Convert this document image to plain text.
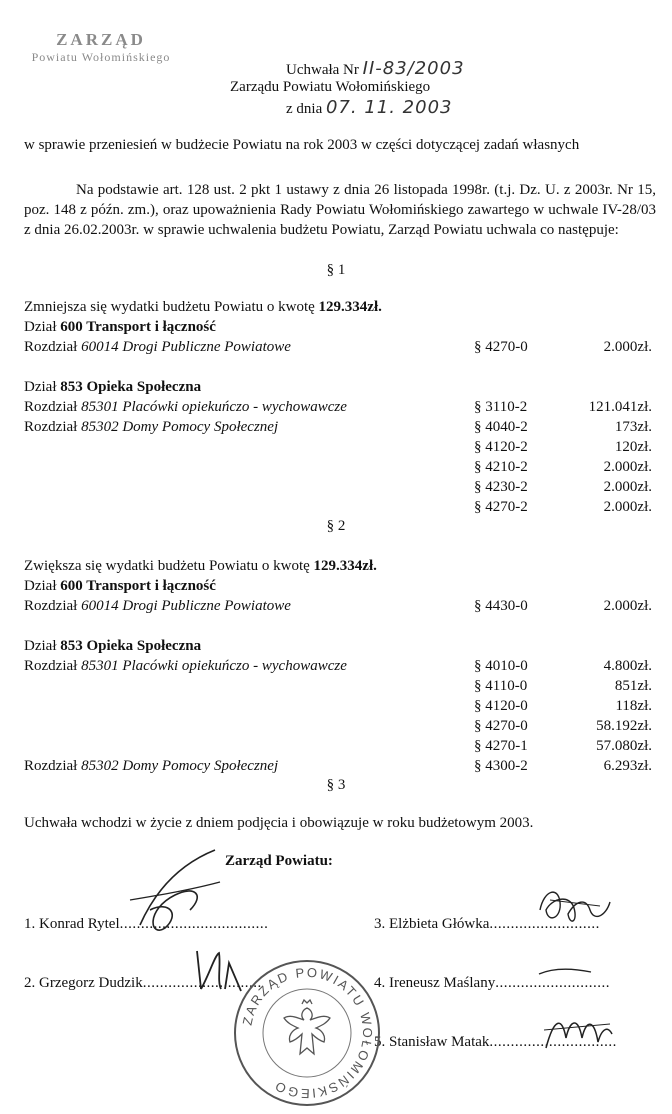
ZARZĄD
Powiatu Wołomińskiego
Uchwała Nr II-83/2003
Zarządu Powiatu Wołomińskiego
z dnia 07. 11. 2003
w sprawie przeniesień w budżecie Powiatu na rok 2003 w części dotyczącej zadań własnych
Na podstawie art. 128 ust. 2 pkt 1 ustawy z dnia 26 listopada 1998r. (t.j. Dz. U. z 2003r. Nr 15, poz. 148 z późn. zm.), oraz upoważnienia Rady Powiatu Wołomińskiego zawartego w uchwale IV-28/03 z dnia 26.02.2003r. w sprawie uchwalenia budżetu Powiatu, Zarząd Powiatu uchwala co następuje:
§ 1
Zmniejsza się wydatki budżetu Powiatu o kwotę 129.334zł.
Dział 600 Transport i łączność
Rozdział 60014 Drogi Publiczne Powiatowe	§ 4270-0	2.000zł.
Dział 853 Opieka Społeczna
Rozdział 85301 Placówki opiekuńczo - wychowawcze	§ 3110-2	121.041zł.
Rozdział 85302 Domy Pomocy Społecznej	§ 4040-2	173zł.
§ 4120-2	120zł.
§ 4210-2	2.000zł.
§ 4230-2	2.000zł.
§ 4270-2	2.000zł.
§ 2
Zwiększa się wydatki budżetu Powiatu o kwotę 129.334zł.
Dział 600 Transport i łączność
Rozdział 60014 Drogi Publiczne Powiatowe	§ 4430-0	2.000zł.
Dział 853 Opieka Społeczna
Rozdział 85301 Placówki opiekuńczo - wychowawcze	§ 4010-0	4.800zł.
§ 4110-0	851zł.
§ 4120-0	118zł.
§ 4270-0	58.192zł.
§ 4270-1	57.080zł.
Rozdział 85302 Domy Pomocy Społecznej	§ 4300-2	6.293zł.
§ 3
Uchwała wchodzi w życie z dniem podjęcia i obowiązuje w roku budżetowym 2003.
Zarząd Powiatu:
1. Konrad Rytel...................................
2. Grzegorz Dudzik............................
3. Elżbieta Główka..........................
4. Ireneusz Maślany...........................
5. Stanisław Matak..............................
ZARZĄD POWIATU WOŁOMIŃSKIEGO
